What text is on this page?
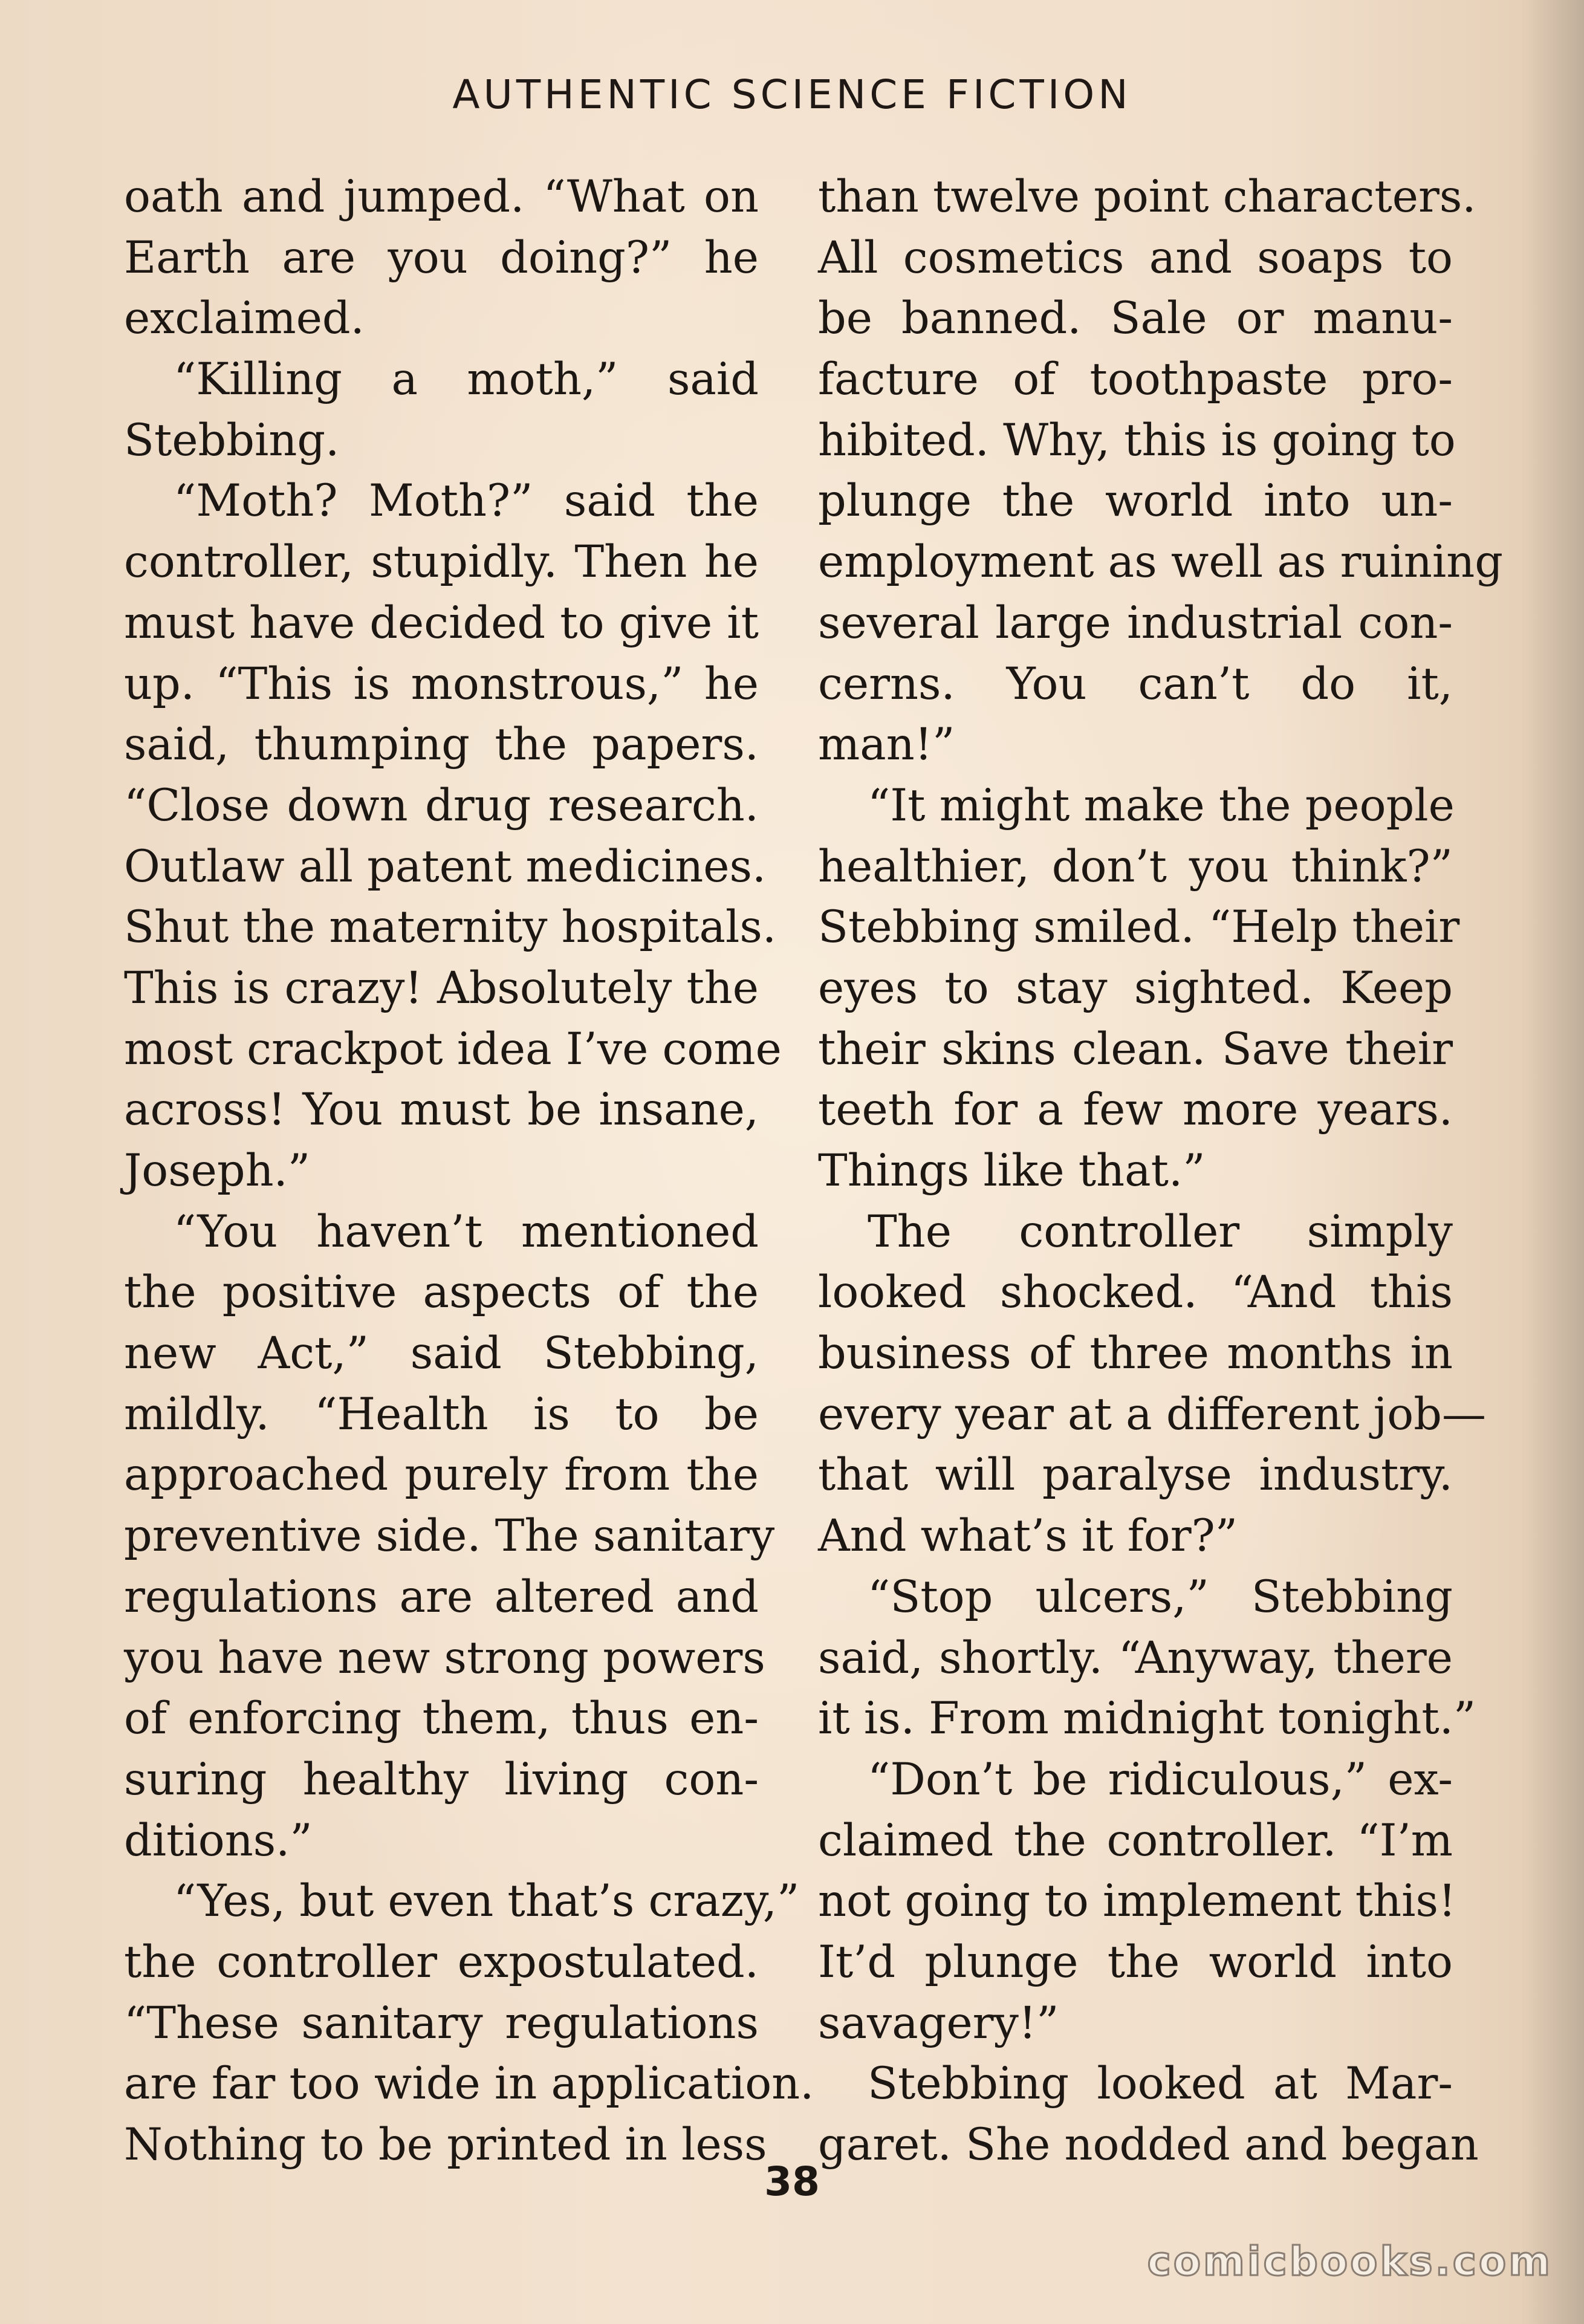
AUTHENTIC SCIENCE FICTION
oath and jumped. “What on
Earth are you doing?” he
exclaimed.
“Killing a moth,” said
Stebbing.
“Moth? Moth?” said the
controller, stupidly. Then he
must have decided to give it
up. “This is monstrous,” he
said, thumping the papers.
“Close down drug research.
Outlaw all patent medicines.
Shut the maternity hospitals.
This is crazy! Absolutely the
most crackpot idea I’ve come
across! You must be insane,
Joseph.”
“You haven’t mentioned
the positive aspects of the
new Act,” said Stebbing,
mildly. “Health is to be
approached purely from the
preventive side. The sanitary
regulations are altered and
you have new strong powers
of enforcing them, thus en-
suring healthy living con-
ditions.”
“Yes, but even that’s crazy,”
the controller expostulated.
“These sanitary regulations
are far too wide in application.
Nothing to be printed in less
than twelve point characters.
All cosmetics and soaps to
be banned. Sale or manu-
facture of toothpaste pro-
hibited. Why, this is going to
plunge the world into un-
employment as well as ruining
several large industrial con-
cerns. You can’t do it,
man!”
“It might make the people
healthier, don’t you think?”
Stebbing smiled. “Help their
eyes to stay sighted. Keep
their skins clean. Save their
teeth for a few more years.
Things like that.”
The controller simply
looked shocked. “And this
business of three months in
every year at a different job—
that will paralyse industry.
And what’s it for?”
“Stop ulcers,” Stebbing
said, shortly. “Anyway, there
it is. From midnight tonight.”
“Don’t be ridiculous,” ex-
claimed the controller. “I’m
not going to implement this!
It’d plunge the world into
savagery!”
Stebbing looked at Mar-
garet. She nodded and began
38
comicbooks.com
